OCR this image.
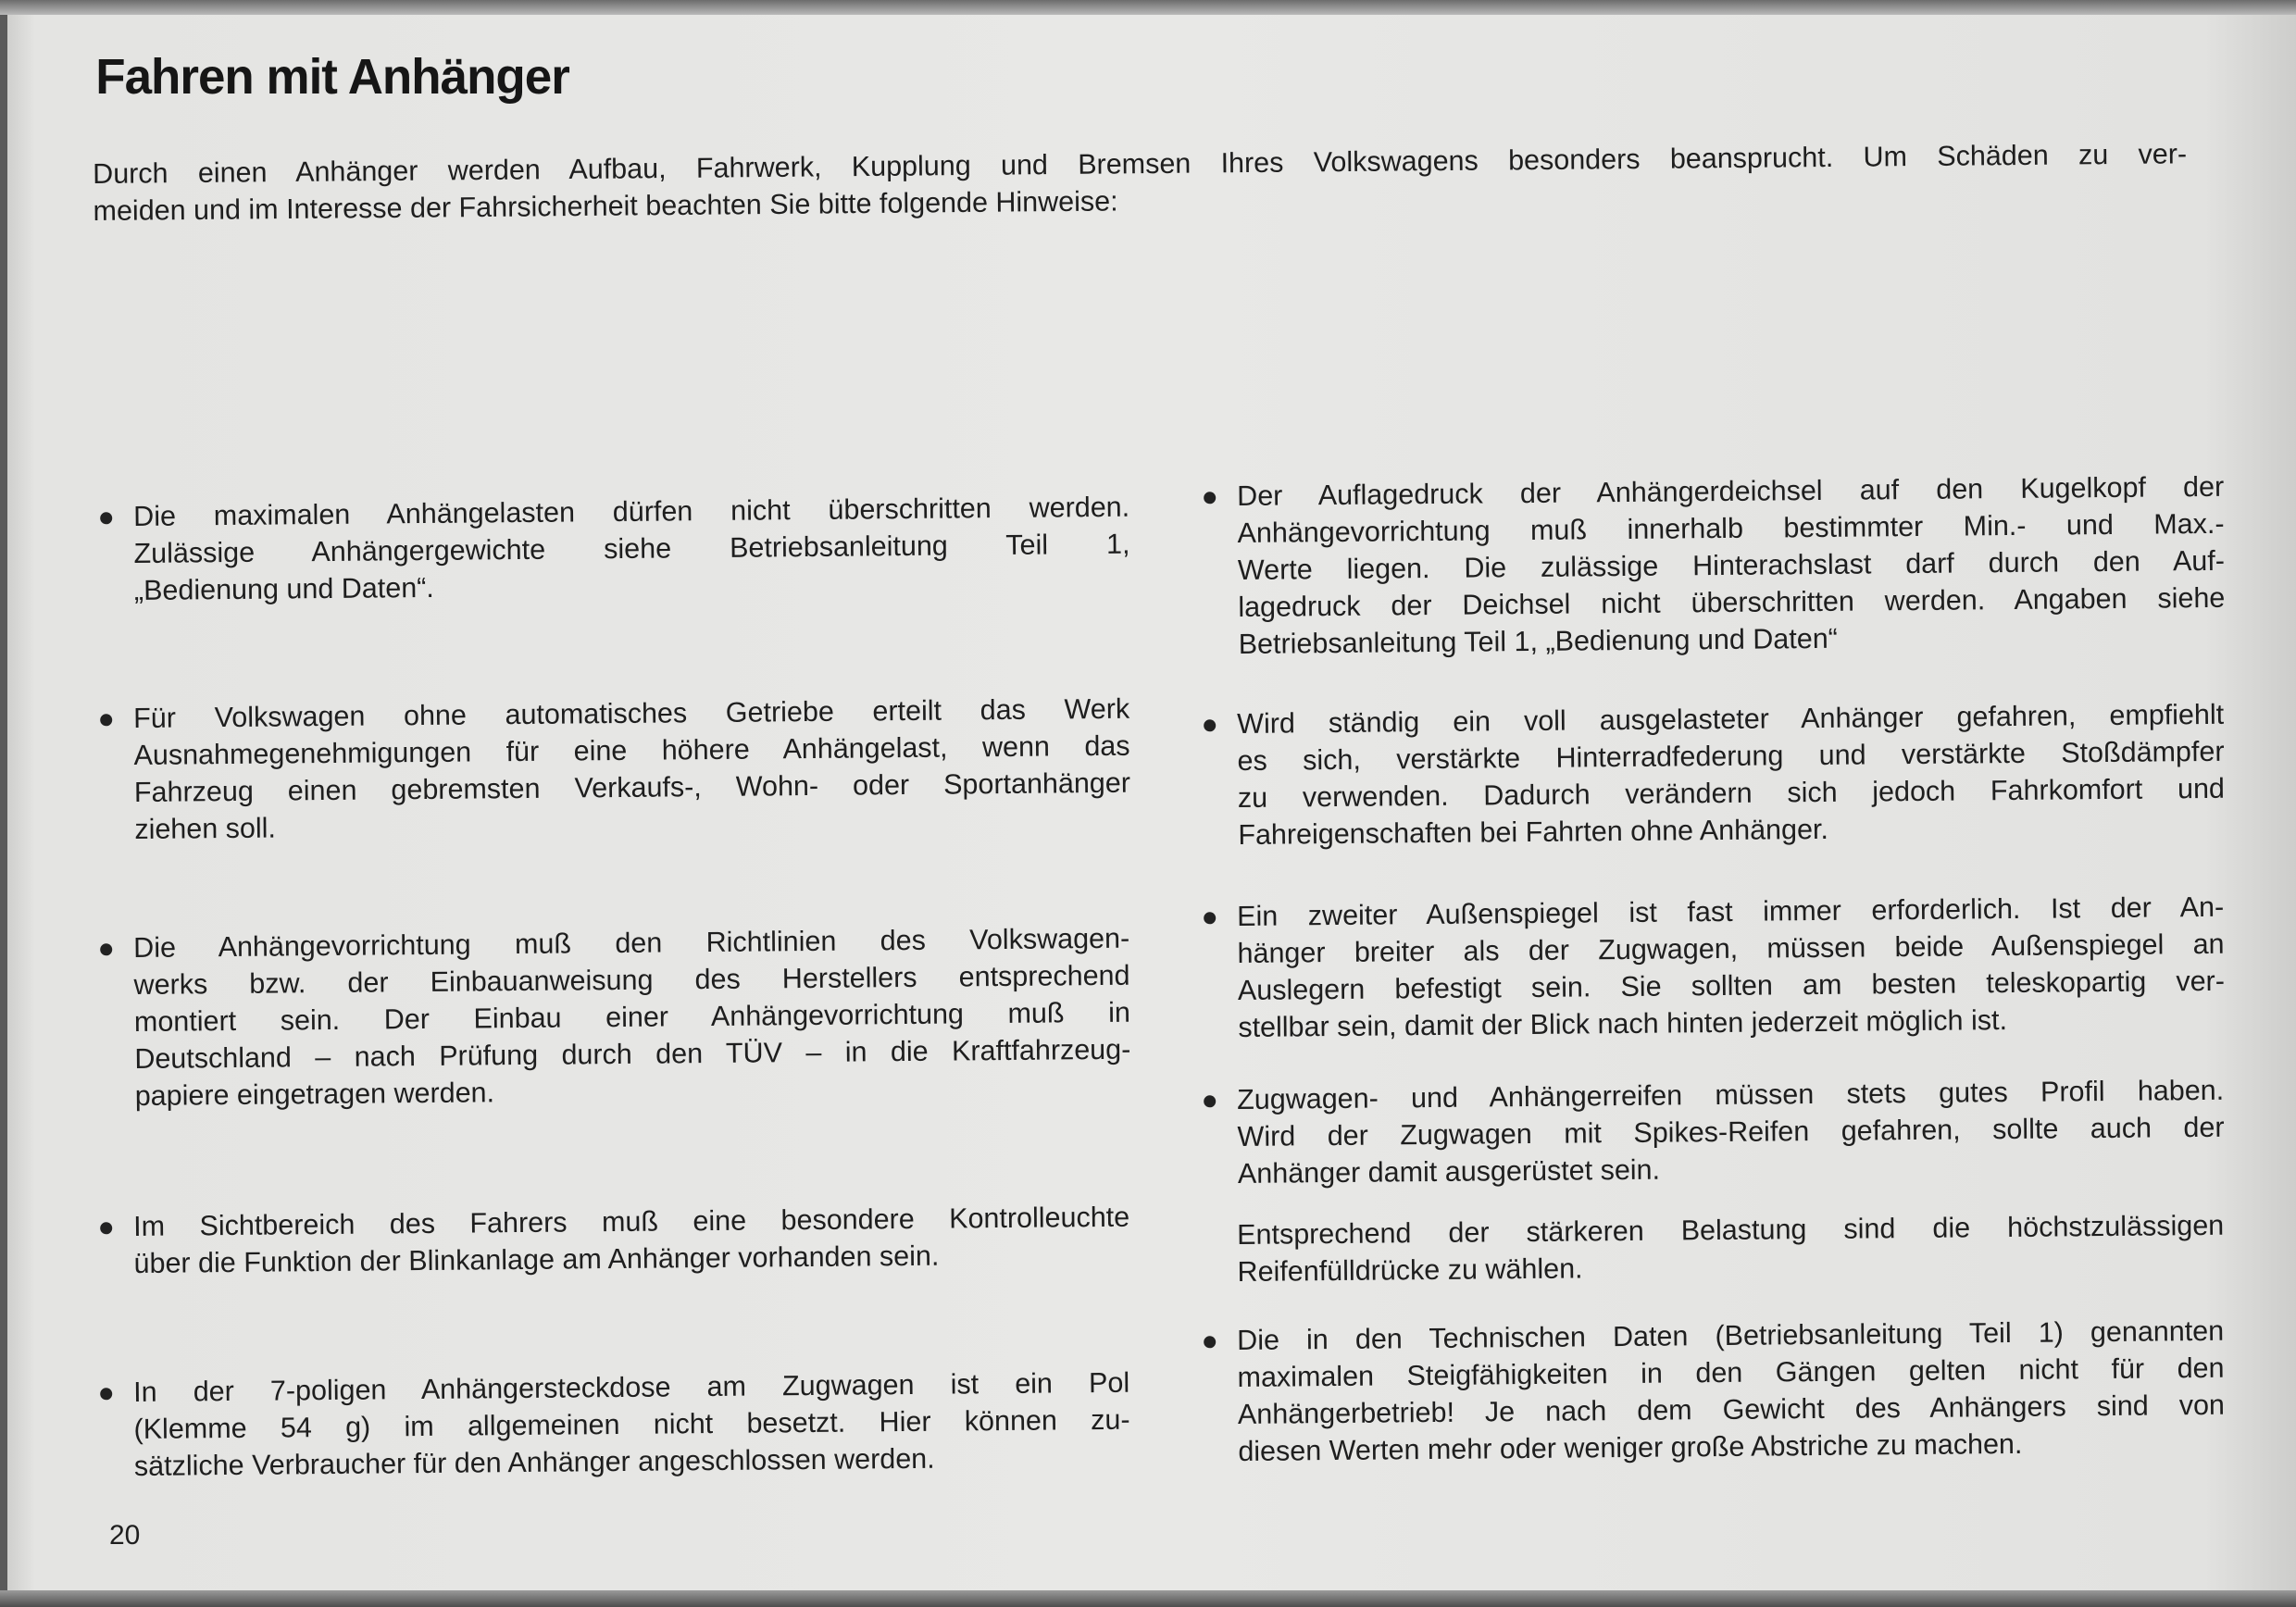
Fahren mit Anhänger
Durch einen Anhänger werden Aufbau, Fahrwerk, Kupplung und Bremsen Ihres Volkswagens besonders beansprucht. Um Schäden zu ver-
meiden und im Interesse der Fahrsicherheit beachten Sie bitte folgende Hinweise:
Die maximalen Anhängelasten dürfen nicht überschritten werden.
Zulässige Anhängergewichte siehe Betriebsanleitung Teil 1,
„Bedienung und Daten“.
Für Volkswagen ohne automatisches Getriebe erteilt das Werk
Ausnahmegenehmigungen für eine höhere Anhängelast, wenn das
Fahrzeug einen gebremsten Verkaufs-, Wohn- oder Sportanhänger
ziehen soll.
Die Anhängevorrichtung muß den Richtlinien des Volkswagen-
werks bzw. der Einbauanweisung des Herstellers entsprechend
montiert sein. Der Einbau einer Anhängevorrichtung muß in
Deutschland – nach Prüfung durch den TÜV – in die Kraftfahrzeug-
papiere eingetragen werden.
Im Sichtbereich des Fahrers muß eine besondere Kontrolleuchte
über die Funktion der Blinkanlage am Anhänger vorhanden sein.
In der 7-poligen Anhängersteckdose am Zugwagen ist ein Pol
(Klemme 54 g) im allgemeinen nicht besetzt. Hier können zu-
sätzliche Verbraucher für den Anhänger angeschlossen werden.
Der Auflagedruck der Anhängerdeichsel auf den Kugelkopf der
Anhängevorrichtung muß innerhalb bestimmter Min.- und Max.-
Werte liegen. Die zulässige Hinterachslast darf durch den Auf-
lagedruck der Deichsel nicht überschritten werden. Angaben siehe
Betriebsanleitung Teil 1, „Bedienung und Daten“
Wird ständig ein voll ausgelasteter Anhänger gefahren, empfiehlt
es sich, verstärkte Hinterradfederung und verstärkte Stoßdämpfer
zu verwenden. Dadurch verändern sich jedoch Fahrkomfort und
Fahreigenschaften bei Fahrten ohne Anhänger.
Ein zweiter Außenspiegel ist fast immer erforderlich. Ist der An-
hänger breiter als der Zugwagen, müssen beide Außenspiegel an
Auslegern befestigt sein. Sie sollten am besten teleskopartig ver-
stellbar sein, damit der Blick nach hinten jederzeit möglich ist.
Zugwagen- und Anhängerreifen müssen stets gutes Profil haben.
Wird der Zugwagen mit Spikes-Reifen gefahren, sollte auch der
Anhänger damit ausgerüstet sein.
Entsprechend der stärkeren Belastung sind die höchstzulässigen
Reifenfülldrücke zu wählen.
Die in den Technischen Daten (Betriebsanleitung Teil 1) genannten
maximalen Steigfähigkeiten in den Gängen gelten nicht für den
Anhängerbetrieb! Je nach dem Gewicht des Anhängers sind von
diesen Werten mehr oder weniger große Abstriche zu machen.
20
